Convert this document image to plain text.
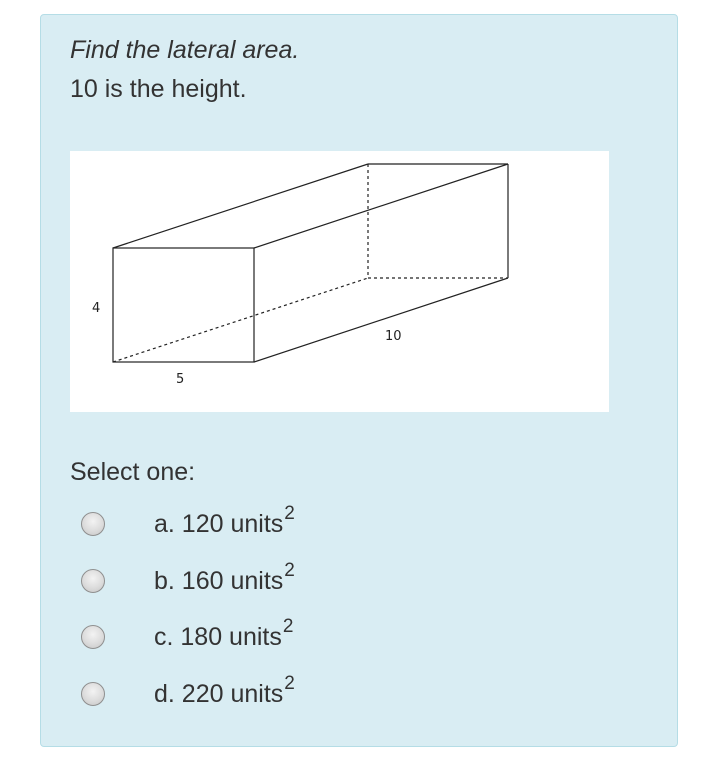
Find the lateral area.
10 is the height.
4
5
10
Select one:
a. 120 units$^2$
b. 160 units$^2$
c. 180 units$^2$
d. 220 units$^2$
